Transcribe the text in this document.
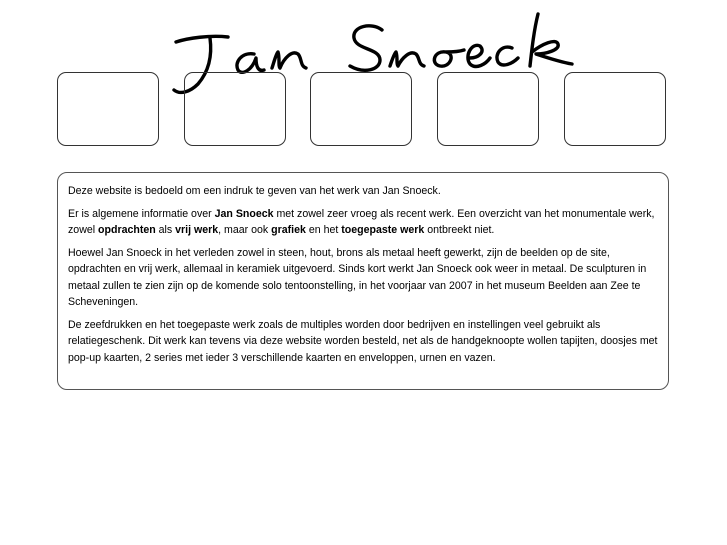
Deze website is bedoeld om een indruk te geven van het werk van Jan Snoeck.

Er is algemene informatie over Jan Snoeck met zowel zeer vroeg als recent werk. Een overzicht van het monumentale werk, zowel opdrachten als vrij werk, maar ook grafiek en het toegepaste werk ontbreekt niet.

Hoewel Jan Snoeck in het verleden zowel in steen, hout, brons als metaal heeft gewerkt, zijn de beelden op de site, opdrachten en vrij werk, allemaal in keramiek uitgevoerd. Sinds kort werkt Jan Snoeck ook weer in metaal. De sculpturen in metaal zullen te zien zijn op de komende solo tentoonstelling, in het voorjaar van 2007 in het museum Beelden aan Zee te Scheveningen.

De zeefdrukken en het toegepaste werk zoals de multiples worden door bedrijven en instellingen veel gebruikt als relatiegeschenk. Dit werk kan tevens via deze website worden besteld, net als de handgeknoopte wollen tapijten, doosjes met pop-up kaarten, 2 series met ieder 3 verschillende kaarten en enveloppen, urnen en vazen.
